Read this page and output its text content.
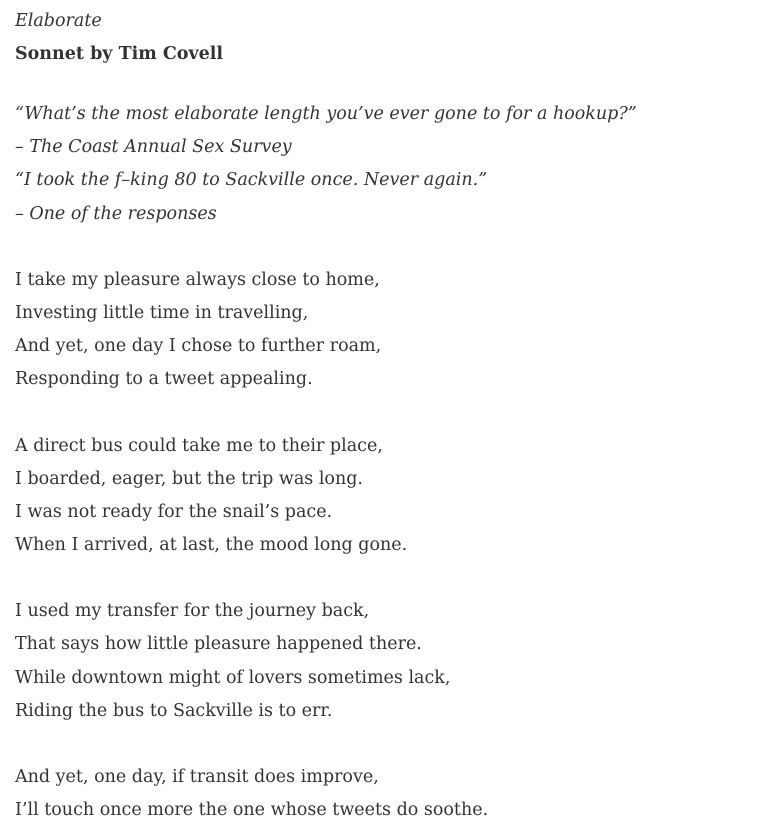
Elaborate
Sonnet by Tim Covell
“What’s the most elaborate length you’ve ever gone to for a hookup?”
– The Coast Annual Sex Survey
“I took the f–king 80 to Sackville once. Never again.”
– One of the responses
I take my pleasure always close to home,
Investing little time in travelling,
And yet, one day I chose to further roam,
Responding to a tweet appealing.
A direct bus could take me to their place,
I boarded, eager, but the trip was long.
I was not ready for the snail’s pace.
When I arrived, at last, the mood long gone.
I used my transfer for the journey back,
That says how little pleasure happened there.
While downtown might of lovers sometimes lack,
Riding the bus to Sackville is to err.
And yet, one day, if transit does improve,
I’ll touch once more the one whose tweets do soothe.
